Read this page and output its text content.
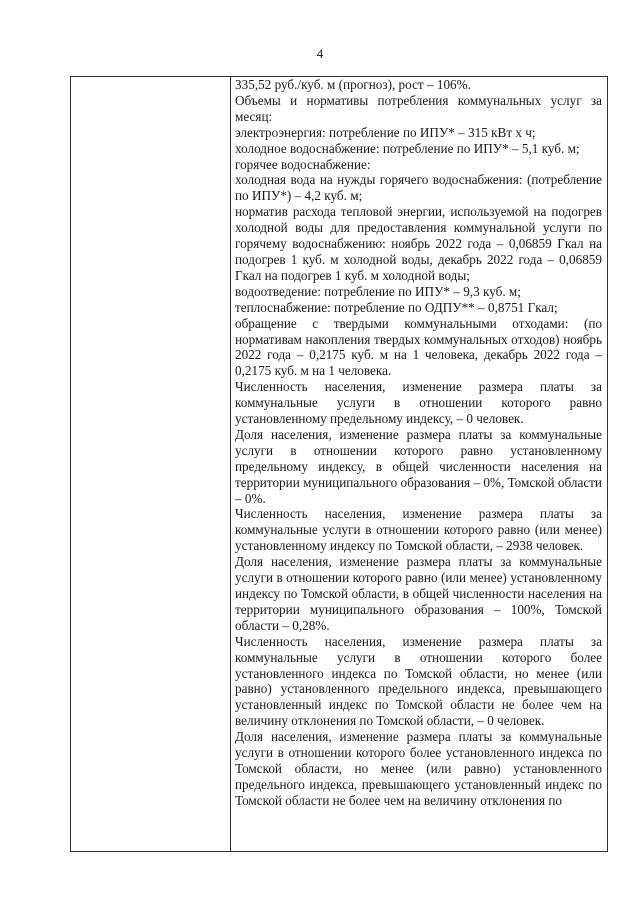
4

335,52 руб./куб. м (прогноз), рост – 106%.

Объемы и нормативы потребления коммунальных услуг за месяц:

электроэнергия: потребление по ИПУ* – 315 кВт х ч;

холодное водоснабжение: потребление по ИПУ* – 5,1 куб. м;

горячее водоснабжение:

холодная вода на нужды горячего водоснабжения: (потребление по ИПУ*) – 4,2 куб. м;

норматив расхода тепловой энергии, используемой на подогрев холодной воды для предоставления коммунальной услуги по горячему водоснабжению: ноябрь 2022 года – 0,06859 Гкал на подогрев 1 куб. м холодной воды, декабрь 2022 года – 0,06859 Гкал на подогрев 1 куб. м холодной воды;

водоотведение: потребление по ИПУ* – 9,3 куб. м;

теплоснабжение: потребление по ОДПУ** – 0,8751 Гкал;

обращение с твердыми коммунальными отходами: (по нормативам накопления твердых коммунальных отходов) ноябрь 2022 года – 0,2175 куб. м на 1 человека, декабрь 2022 года – 0,2175 куб. м на 1 человека.

Численность населения, изменение размера платы за коммунальные услуги в отношении которого равно установленному предельному индексу, – 0 человек.

Доля населения, изменение размера платы за коммунальные услуги в отношении которого равно установленному предельному индексу, в общей численности населения на территории муниципального образования – 0%, Томской области – 0%.

Численность населения, изменение размера платы за коммунальные услуги в отношении которого равно (или менее) установленному индексу по Томской области, – 2938 человек.

Доля населения, изменение размера платы за коммунальные услуги в отношении которого равно (или менее) установленному индексу по Томской области, в общей численности населения на территории муниципального образования – 100%, Томской области – 0,28%.

Численность населения, изменение размера платы за коммунальные услуги в отношении которого более установленного индекса по Томской области, но менее (или равно) установленного предельного индекса, превышающего установленный индекс по Томской области не более чем на величину отклонения по Томской области, – 0 человек.

Доля населения, изменение размера платы за коммунальные услуги в отношении которого более установленного индекса по Томской области, но менее (или равно) установленного предельного индекса, превышающего установленный индекс по Томской области не более чем на величину отклонения по
